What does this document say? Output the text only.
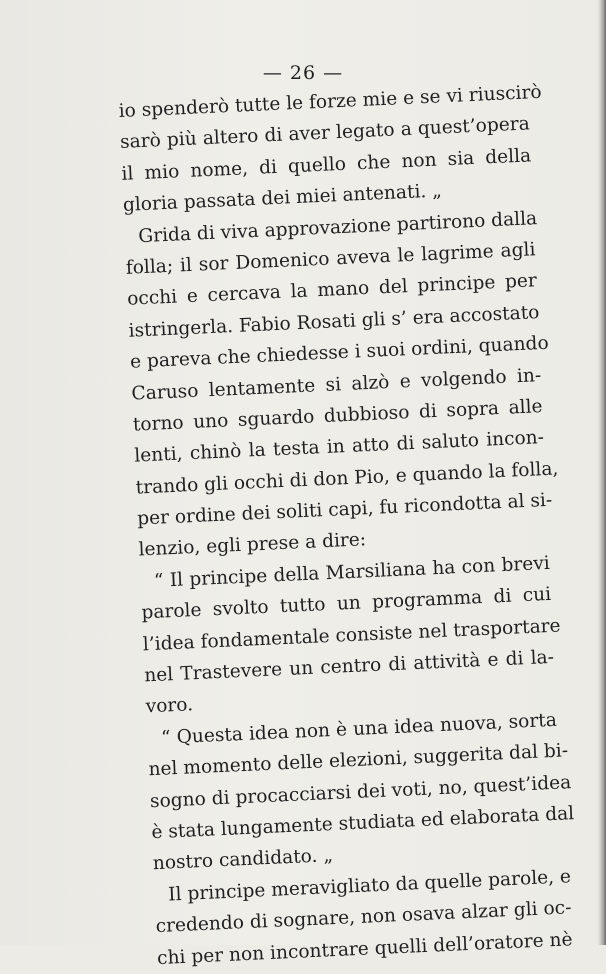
— 26 —
io spenderò tutte le forze mie e se vi riuscirò
sarò più altero di aver legato a quest’opera
il mio nome, di quello che non sia della
gloria passata dei miei antenati. „
Grida di viva approvazione partirono dalla
folla; il sor Domenico aveva le lagrime agli
occhi e cercava la mano del principe per
istringerla. Fabio Rosati gli s’ era accostato
e pareva che chiedesse i suoi ordini, quando
Caruso lentamente si alzò e volgendo in-
torno uno sguardo dubbioso di sopra alle
lenti, chinò la testa in atto di saluto incon-
trando gli occhi di don Pio, e quando la folla,
per ordine dei soliti capi, fu ricondotta al si-
lenzio, egli prese a dire:
“ Il principe della Marsiliana ha con brevi
parole svolto tutto un programma di cui
l’idea fondamentale consiste nel trasportare
nel Trastevere un centro di attività e di la-
voro.
“ Questa idea non è una idea nuova, sorta
nel momento delle elezioni, suggerita dal bi-
sogno di procacciarsi dei voti, no, quest’idea
è stata lungamente studiata ed elaborata dal
nostro candidato. „
Il principe meravigliato da quelle parole, e
credendo di sognare, non osava alzar gli oc-
chi per non incontrare quelli dell’oratore nè
